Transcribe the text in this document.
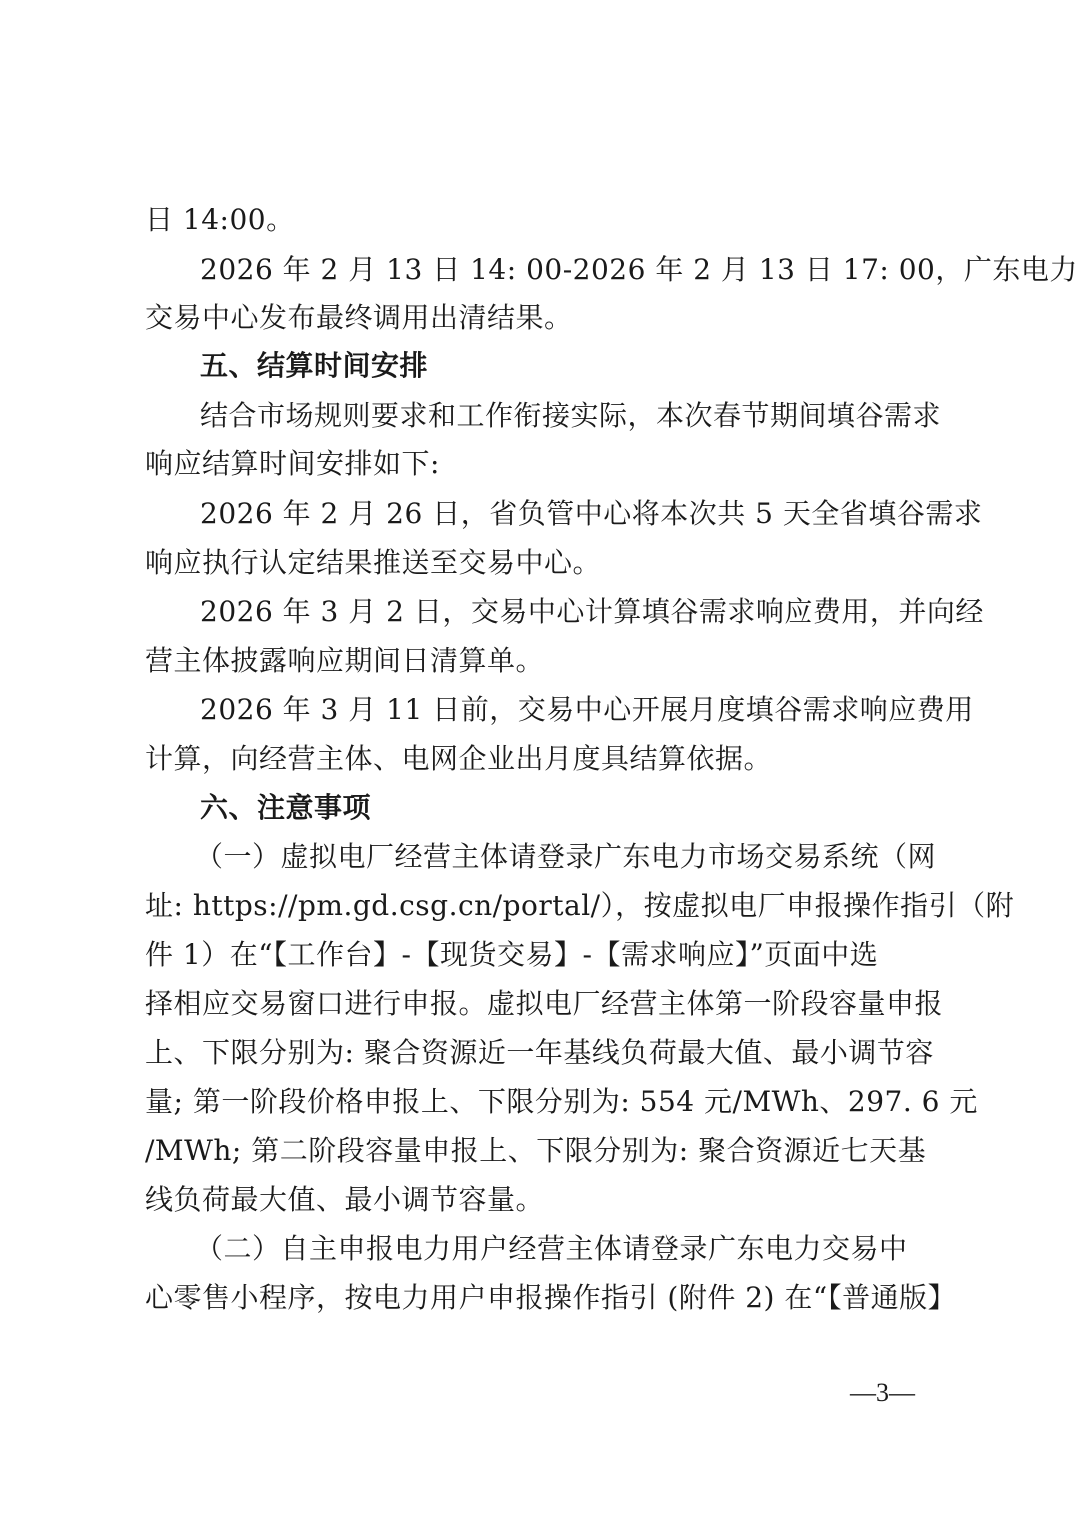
日 14:00。
2026 年 2 月 13 日 14: 00-2026 年 2 月 13 日 17: 00，广东电力
交易中心发布最终调用出清结果。
五、结算时间安排
结合市场规则要求和工作衔接实际，本次春节期间填谷需求
响应结算时间安排如下:
2026 年 2 月 26 日，省负管中心将本次共 5 天全省填谷需求
响应执行认定结果推送至交易中心。
2026 年 3 月 2 日，交易中心计算填谷需求响应费用，并向经
营主体披露响应期间日清算单。
2026 年 3 月 11 日前，交易中心开展月度填谷需求响应费用
计算，向经营主体、电网企业出月度具结算依据。
六、注意事项
（一）虚拟电厂经营主体请登录广东电力市场交易系统（网
址: https://pm.gd.csg.cn/portal/），按虚拟电厂申报操作指引（附
件 1）在“【工作台】-【现货交易】-【需求响应】”页面中选
择相应交易窗口进行申报。虚拟电厂经营主体第一阶段容量申报
上、下限分别为: 聚合资源近一年基线负荷最大值、最小调节容
量; 第一阶段价格申报上、下限分别为: 554 元/MWh、297. 6 元
/MWh; 第二阶段容量申报上、下限分别为: 聚合资源近七天基
线负荷最大值、最小调节容量。
（二）自主申报电力用户经营主体请登录广东电力交易中
心零售小程序，按电力用户申报操作指引 (附件 2) 在“【普通版】
—3—
